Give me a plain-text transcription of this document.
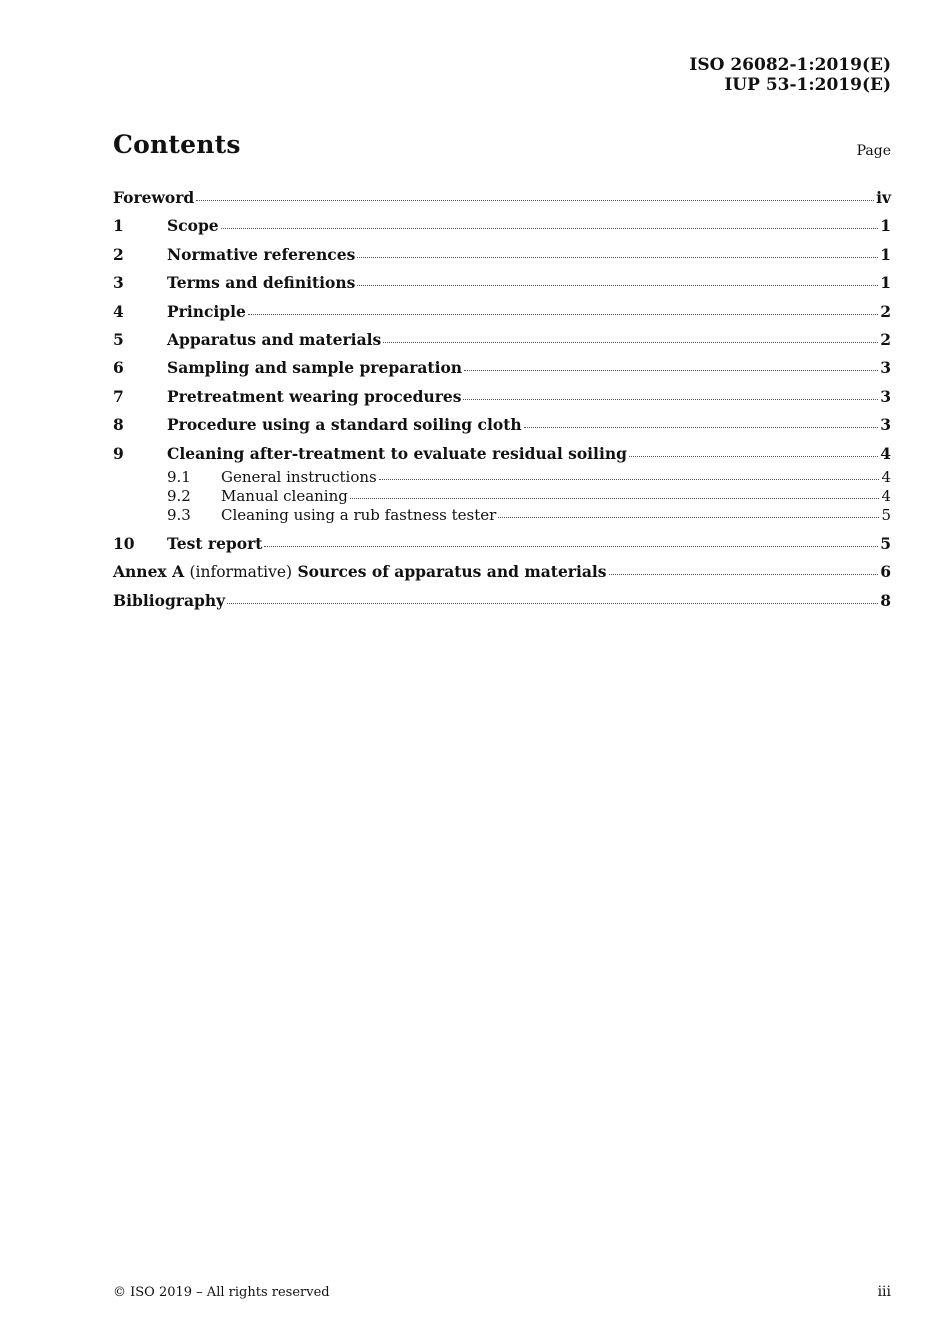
ISO 26082-1:2019(E)
IUP 53-1:2019(E)
Contents	Page
Foreword	iv
1	Scope	1
2	Normative references	1
3	Terms and definitions	1
4	Principle	2
5	Apparatus and materials	2
6	Sampling and sample preparation	3
7	Pretreatment wearing procedures	3
8	Procedure using a standard soiling cloth	3
9	Cleaning after-treatment to evaluate residual soiling	4
9.1	General instructions	4
9.2	Manual cleaning	4
9.3	Cleaning using a rub fastness tester	5
10	Test report	5
Annex A (informative) Sources of apparatus and materials	6
Bibliography	8
© ISO 2019 – All rights reserved	iii
